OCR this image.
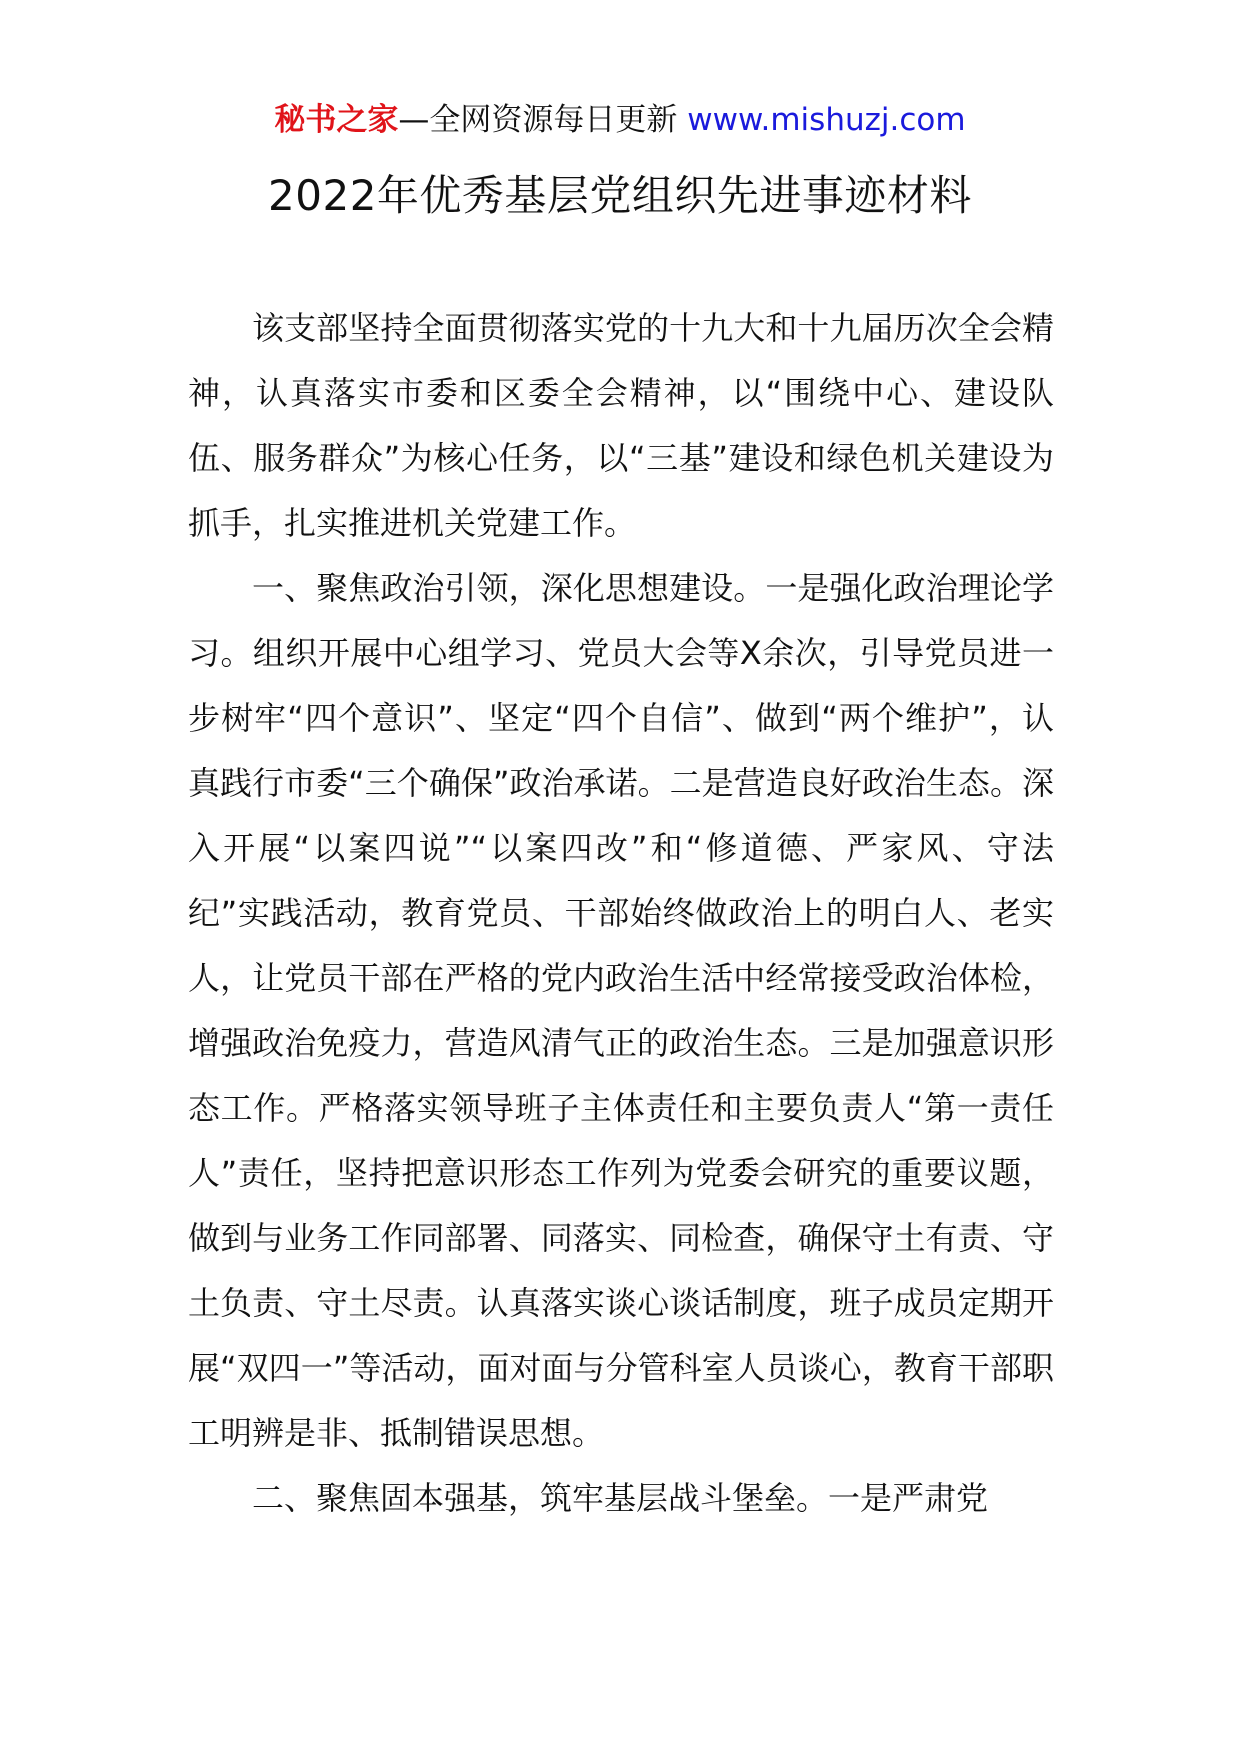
秘书之家—全网资源每日更新 www.mishuzj.com
2022年优秀基层党组织先进事迹材料

该支部坚持全面贯彻落实党的十九大和十九届历次全会精神，认真落实市委和区委全会精神，以“围绕中心、建设队伍、服务群众”为核心任务，以“三基”建设和绿色机关建设为抓手，扎实推进机关党建工作。

一、聚焦政治引领，深化思想建设。一是强化政治理论学习。组织开展中心组学习、党员大会等X余次，引导党员进一步树牢“四个意识”、坚定“四个自信”、做到“两个维护”，认真践行市委“三个确保”政治承诺。二是营造良好政治生态。深入开展“以案四说”“以案四改”和“修道德、严家风、守法纪”实践活动，教育党员、干部始终做政治上的明白人、老实人，让党员干部在严格的党内政治生活中经常接受政治体检，增强政治免疫力，营造风清气正的政治生态。三是加强意识形态工作。严格落实领导班子主体责任和主要负责人“第一责任人”责任，坚持把意识形态工作列为党委会研究的重要议题，做到与业务工作同部署、同落实、同检查，确保守土有责、守土负责、守土尽责。认真落实谈心谈话制度，班子成员定期开展“双四一”等活动，面对面与分管科室人员谈心，教育干部职工明辨是非、抵制错误思想。

二、聚焦固本强基，筑牢基层战斗堡垒。一是严肃党
